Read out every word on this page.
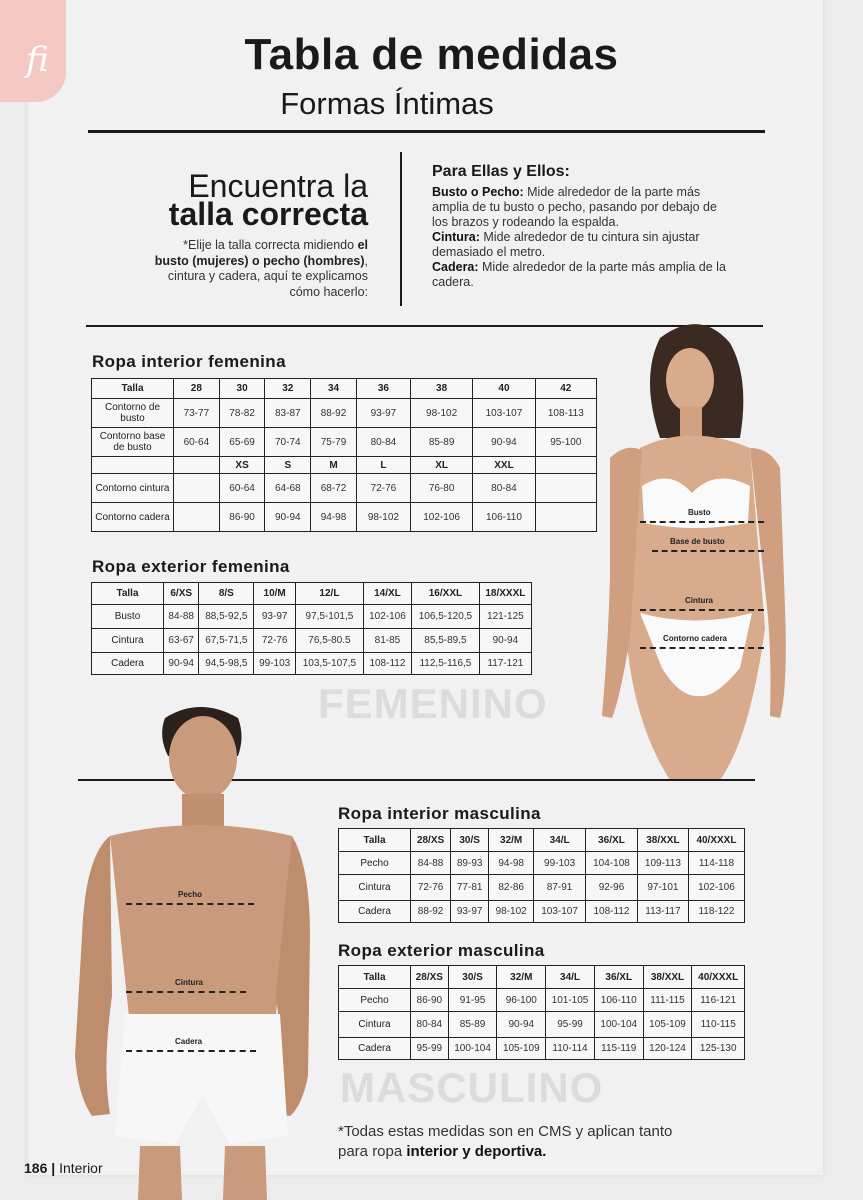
fi	Tabla de medidas
Formas Íntimas
Encuentra la
talla correcta
*Elije la talla correcta midiendo el busto (mujeres) o pecho (hombres), cintura y cadera, aquí te explicamos cómo hacerlo:
Para Ellas y Ellos:
Busto o Pecho: Mide alrededor de la parte más amplia de tu busto o pecho, pasando por debajo de los brazos y rodeando la espalda.
Cintura: Mide alrededor de tu cintura sin ajustar demasiado el metro.
Cadera: Mide alrededor de la parte más amplia de la cadera.
Busto
Base de busto
Cintura
Contorno cadera
Ropa interior femenina
Talla	28	30	32	34	36	38	40	42
Contorno de busto	73-77	78-82	83-87	88-92	93-97	98-102	103-107	108-113
Contorno base de busto	60-64	65-69	70-74	75-79	80-84	85-89	90-94	95-100
		XS	S	M	L	XL	XXL	
Contorno cintura		60-64	64-68	68-72	72-76	76-80	80-84	
Contorno cadera		86-90	90-94	94-98	98-102	102-106	106-110	
Ropa exterior femenina
Talla	6/XS	8/S	10/M	12/L	14/XL	16/XXL	18/XXXL
Busto	84-88	88,5-92,5	93-97	97,5-101,5	102-106	106,5-120,5	121-125
Cintura	63-67	67,5-71,5	72-76	76,5-80.5	81-85	85,5-89,5	90-94
Cadera	90-94	94,5-98,5	99-103	103,5-107,5	108-112	112,5-116,5	117-121
FEMENINO
Pecho
Cintura
Cadera
Ropa interior masculina
Talla	28/XS	30/S	32/M	34/L	36/XL	38/XXL	40/XXXL
Pecho	84-88	89-93	94-98	99-103	104-108	109-113	114-118
Cintura	72-76	77-81	82-86	87-91	92-96	97-101	102-106
Cadera	88-92	93-97	98-102	103-107	108-112	113-117	118-122
Ropa exterior masculina
Talla	28/XS	30/S	32/M	34/L	36/XL	38/XXL	40/XXXL
Pecho	86-90	91-95	96-100	101-105	106-110	111-115	116-121
Cintura	80-84	85-89	90-94	95-99	100-104	105-109	110-115
Cadera	95-99	100-104	105-109	110-114	115-119	120-124	125-130
MASCULINO
*Todas estas medidas son en CMS y aplican tanto para ropa interior y deportiva.
186 | Interior
